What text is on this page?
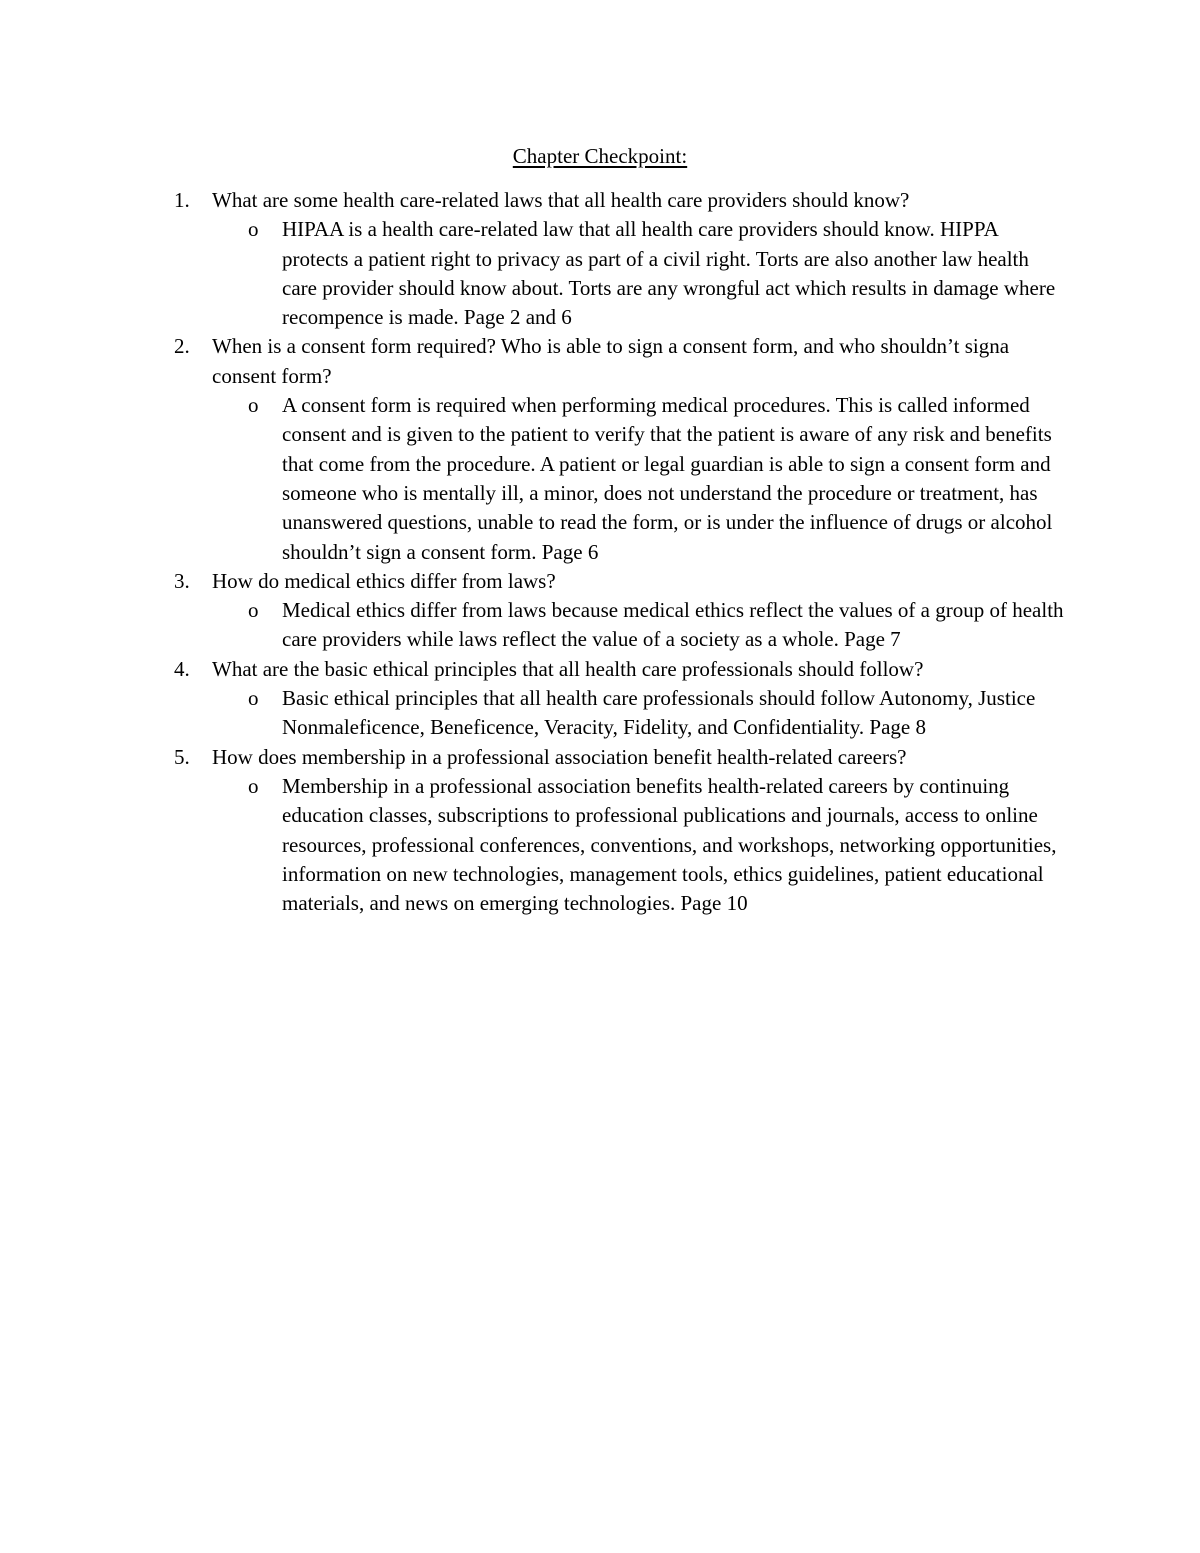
Chapter Checkpoint:
1. What are some health care-related laws that all health care providers should know?
o HIPAA is a health care-related law that all health care providers should know. HIPPA protects a patient right to privacy as part of a civil right. Torts are also another law health care provider should know about. Torts are any wrongful act which results in damage where recompence is made. Page 2 and 6
2. When is a consent form required? Who is able to sign a consent form, and who shouldn’t signa consent form?
o A consent form is required when performing medical procedures. This is called informed consent and is given to the patient to verify that the patient is aware of any risk and benefits that come from the procedure. A patient or legal guardian is able to sign a consent form and someone who is mentally ill, a minor, does not understand the procedure or treatment, has unanswered questions, unable to read the form, or is under the influence of drugs or alcohol shouldn’t sign a consent form. Page 6
3. How do medical ethics differ from laws?
o Medical ethics differ from laws because medical ethics reflect the values of a group of health care providers while laws reflect the value of a society as a whole. Page 7
4. What are the basic ethical principles that all health care professionals should follow?
o Basic ethical principles that all health care professionals should follow Autonomy, Justice Nonmaleficence, Beneficence, Veracity, Fidelity, and Confidentiality. Page 8
5. How does membership in a professional association benefit health-related careers?
o Membership in a professional association benefits health-related careers by continuing education classes, subscriptions to professional publications and journals, access to online resources, professional conferences, conventions, and workshops, networking opportunities, information on new technologies, management tools, ethics guidelines, patient educational materials, and news on emerging technologies. Page 10
